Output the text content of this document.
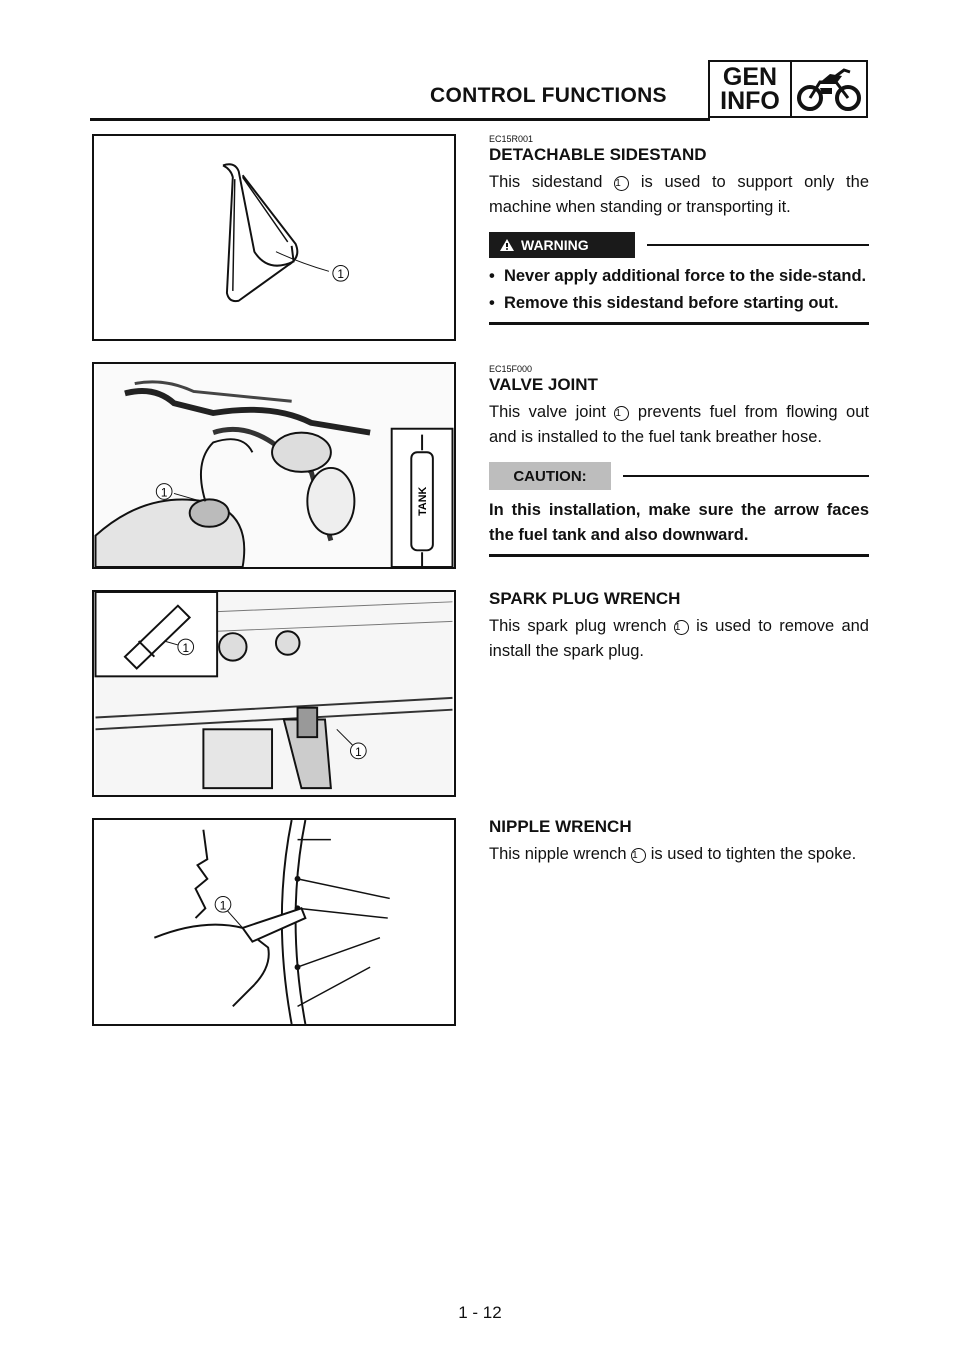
CONTROL FUNCTIONS
GEN
INFO
1
1	TANK
1
1
1
EC15R001
DETACHABLE SIDESTAND
This sidestand 1 is used to support only the machine when standing or transporting it.
WARNING
•  Never apply additional force to the side-stand.
•  Remove this sidestand before starting out.
EC15F000
VALVE JOINT
This valve joint 1 prevents fuel from flowing out and is installed to the fuel tank breather hose.
CAUTION:
In this installation, make sure the arrow faces the fuel tank and also downward.
SPARK PLUG WRENCH
This spark plug wrench 1 is used to remove and install the spark plug.
NIPPLE WRENCH
This nipple wrench 1 is used to tighten the spoke.
1 - 12
